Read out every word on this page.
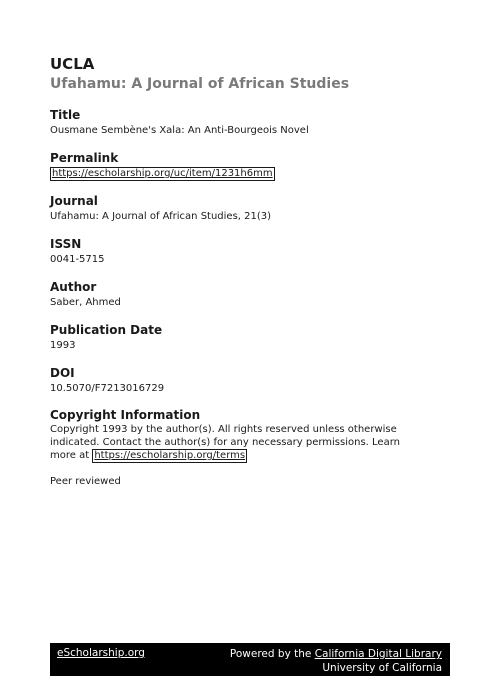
UCLA
Ufahamu: A Journal of African Studies
Title
Ousmane Sembène's Xala: An Anti-Bourgeois Novel
Permalink
https://escholarship.org/uc/item/1231h6mm
Journal
Ufahamu: A Journal of African Studies, 21(3)
ISSN
0041-5715
Author
Saber, Ahmed
Publication Date
1993
DOI
10.5070/F7213016729
Copyright Information
Copyright 1993 by the author(s). All rights reserved unless otherwise indicated. Contact the author(s) for any necessary permissions. Learn more at https://escholarship.org/terms
Peer reviewed
eScholarship.org	Powered by the California Digital Library
University of California
